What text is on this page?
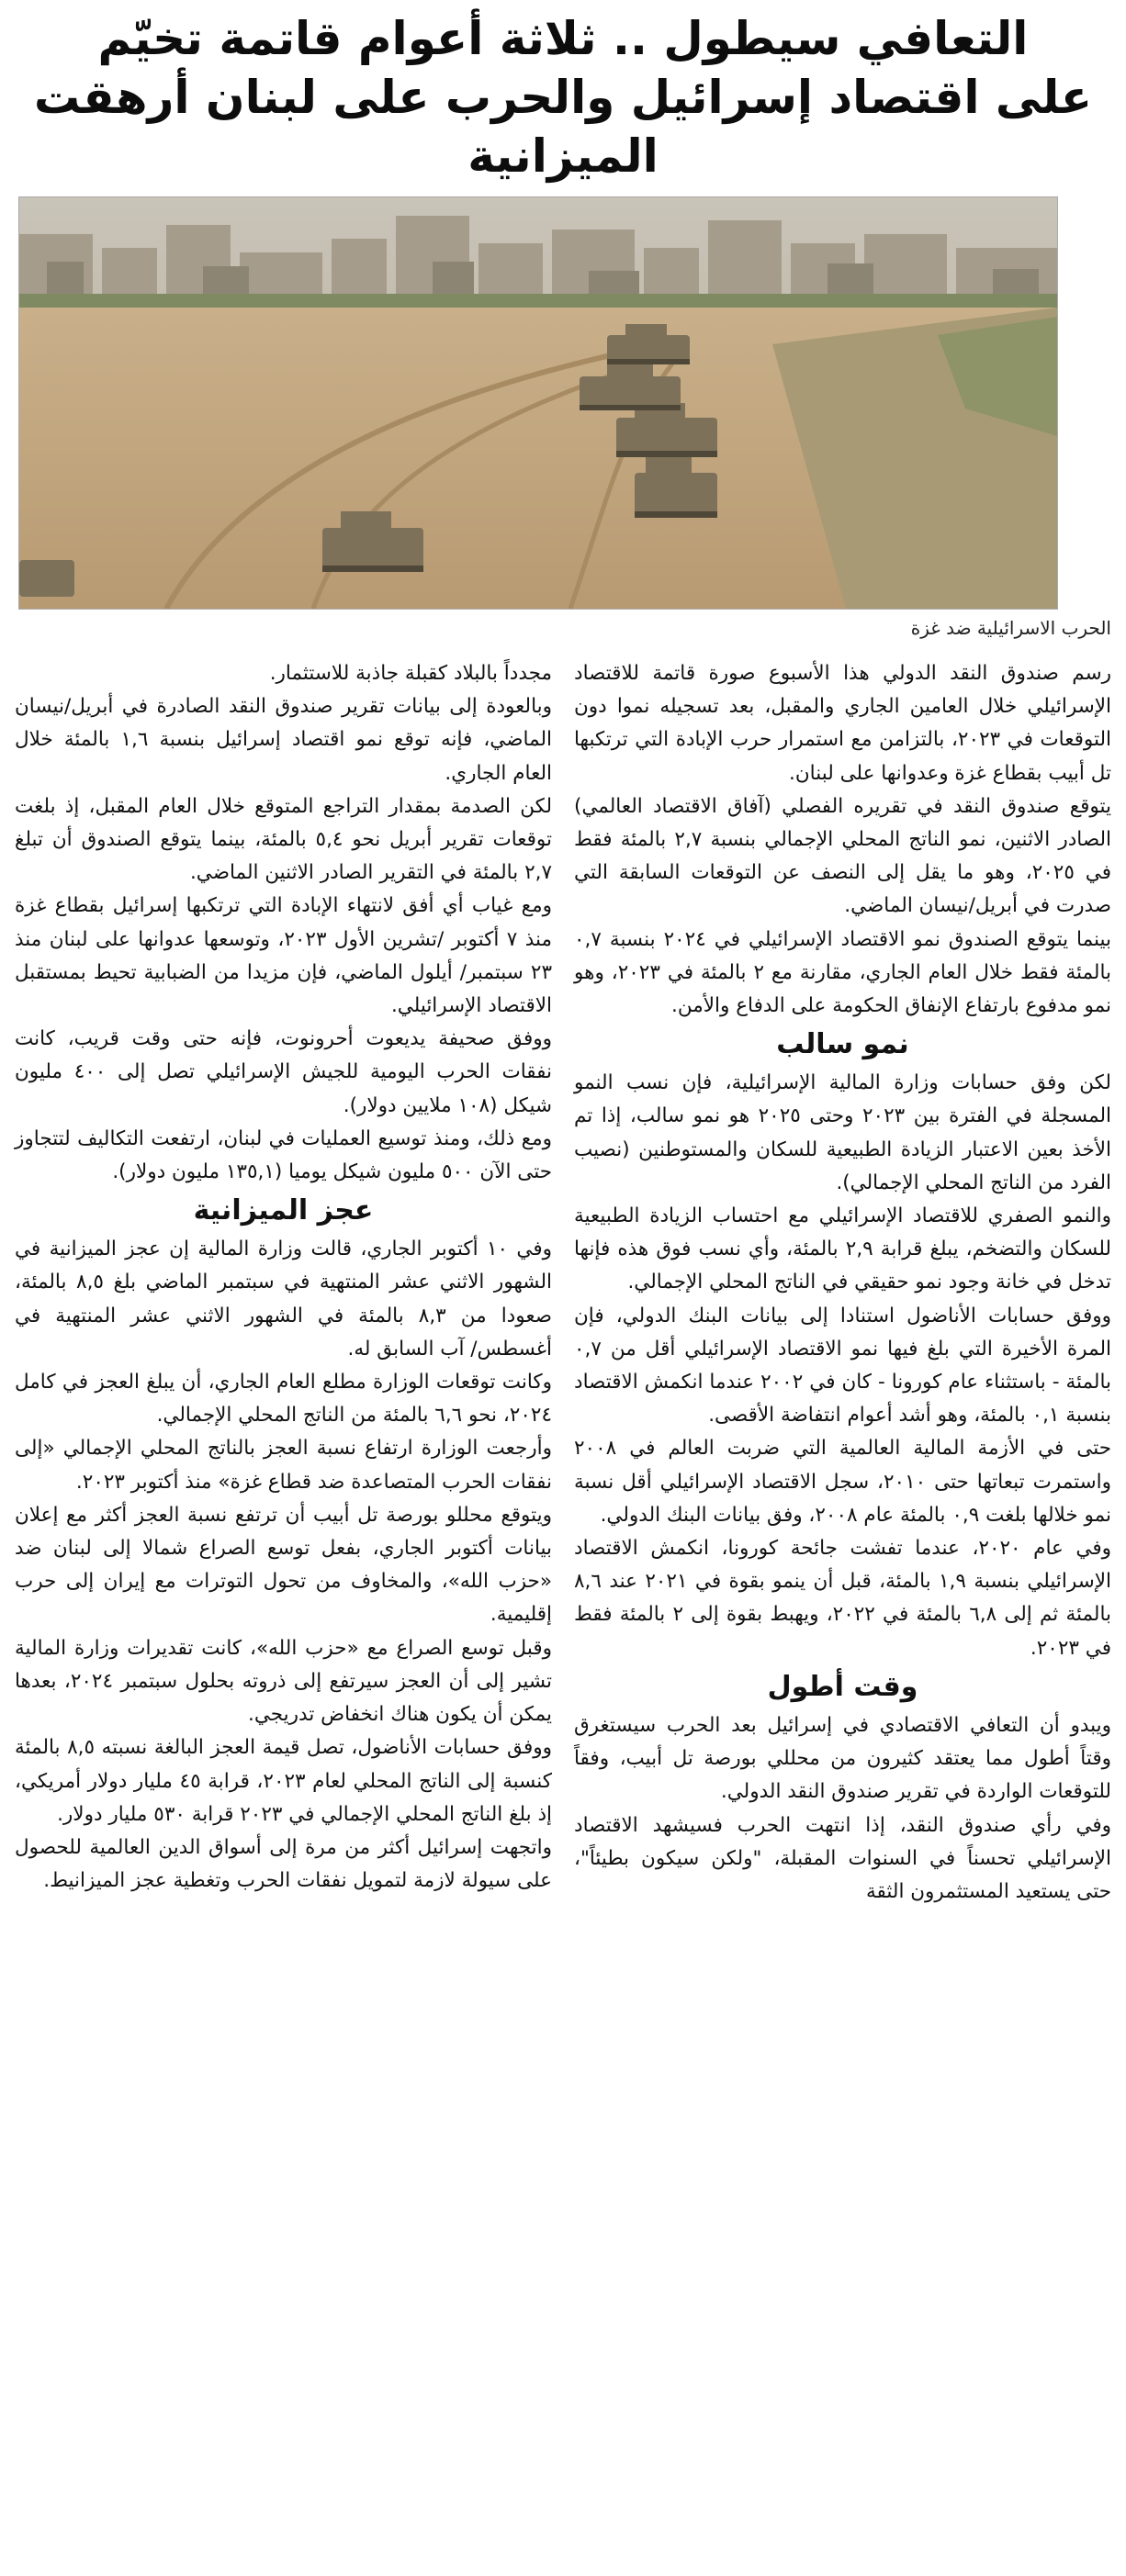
التعافي سيطول .. ثلاثة أعوام قاتمة تخيّم
على اقتصاد إسرائيل والحرب على لبنان أرهقت الميزانية
الحرب الاسرائيلية ضد غزة

رسم صندوق النقد الدولي هذا الأسبوع صورة قاتمة للاقتصاد الإسرائيلي خلال العامين الجاري والمقبل، بعد تسجيله نموا دون التوقعات في ٢٠٢٣، بالتزامن مع استمرار حرب الإبادة التي ترتكبها تل أبيب بقطاع غزة وعدوانها على لبنان.

يتوقع صندوق النقد في تقريره الفصلي (آفاق الاقتصاد العالمي) الصادر الاثنين، نمو الناتج المحلي الإجمالي بنسبة ٢,٧ بالمئة فقط في ٢٠٢٥، وهو ما يقل إلى النصف عن التوقعات السابقة التي صدرت في أبريل/نيسان الماضي.

بينما يتوقع الصندوق نمو الاقتصاد الإسرائيلي في ٢٠٢٤ بنسبة ٠,٧ بالمئة فقط خلال العام الجاري، مقارنة مع ٢ بالمئة في ٢٠٢٣، وهو نمو مدفوع بارتفاع الإنفاق الحكومة على الدفاع والأمن.

نمو سالب

لكن وفق حسابات وزارة المالية الإسرائيلية، فإن نسب النمو المسجلة في الفترة بين ٢٠٢٣ وحتى ٢٠٢٥ هو نمو سالب، إذا تم الأخذ بعين الاعتبار الزيادة الطبيعية للسكان والمستوطنين (نصيب الفرد من الناتج المحلي الإجمالي).

والنمو الصفري للاقتصاد الإسرائيلي مع احتساب الزيادة الطبيعية للسكان والتضخم، يبلغ قرابة ٢,٩ بالمئة، وأي نسب فوق هذه فإنها تدخل في خانة وجود نمو حقيقي في الناتج المحلي الإجمالي.

ووفق حسابات الأناضول استنادا إلى بيانات البنك الدولي، فإن المرة الأخيرة التي بلغ فيها نمو الاقتصاد الإسرائيلي أقل من ٠,٧ بالمئة - باستثناء عام كورونا - كان في ٢٠٠٢ عندما انكمش الاقتصاد بنسبة ٠,١ بالمئة، وهو أشد أعوام انتفاضة الأقصى.

حتى في الأزمة المالية العالمية التي ضربت العالم في ٢٠٠٨ واستمرت تبعاتها حتى ٢٠١٠، سجل الاقتصاد الإسرائيلي أقل نسبة نمو خلالها بلغت ٠,٩ بالمئة عام ٢٠٠٨، وفق بيانات البنك الدولي.

وفي عام ٢٠٢٠، عندما تفشت جائحة كورونا، انكمش الاقتصاد الإسرائيلي بنسبة ١,٩ بالمئة، قبل أن ينمو بقوة في ٢٠٢١ عند ٨,٦ بالمئة ثم إلى ٦,٨ بالمئة في ٢٠٢٢، ويهبط بقوة إلى ٢ بالمئة فقط في ٢٠٢٣.

وقت أطول

ويبدو أن التعافي الاقتصادي في إسرائيل بعد الحرب سيستغرق وقتاً أطول مما يعتقد كثيرون من محللي بورصة تل أبيب، وفقاً للتوقعات الواردة في تقرير صندوق النقد الدولي.

وفي رأي صندوق النقد، إذا انتهت الحرب فسيشهد الاقتصاد الإسرائيلي تحسناً في السنوات المقبلة، "ولكن سيكون بطيئاً"، حتى يستعيد المستثمرون الثقة

مجدداً بالبلاد كقبلة جاذبة للاستثمار.

وبالعودة إلى بيانات تقرير صندوق النقد الصادرة في أبريل/نيسان الماضي، فإنه توقع نمو اقتصاد إسرائيل بنسبة ١,٦ بالمئة خلال العام الجاري.

لكن الصدمة بمقدار التراجع المتوقع خلال العام المقبل، إذ بلغت توقعات تقرير أبريل نحو ٥,٤ بالمئة، بينما يتوقع الصندوق أن تبلغ ٢,٧ بالمئة في التقرير الصادر الاثنين الماضي.

ومع غياب أي أفق لانتهاء الإبادة التي ترتكبها إسرائيل بقطاع غزة منذ ٧ أكتوبر /تشرين الأول ٢٠٢٣، وتوسعها عدوانها على لبنان منذ ٢٣ سبتمبر/ أيلول الماضي، فإن مزيدا من الضبابية تحيط بمستقبل الاقتصاد الإسرائيلي.

ووفق صحيفة يديعوت أحرونوت، فإنه حتى وقت قريب، كانت نفقات الحرب اليومية للجيش الإسرائيلي تصل إلى ٤٠٠ مليون شيكل (١٠٨ ملايين دولار).

ومع ذلك، ومنذ توسيع العمليات في لبنان، ارتفعت التكاليف لتتجاوز حتى الآن ٥٠٠ مليون شيكل يوميا (١٣٥,١ مليون دولار).

عجز الميزانية

وفي ١٠ أكتوبر الجاري، قالت وزارة المالية إن عجز الميزانية في الشهور الاثني عشر المنتهية في سبتمبر الماضي بلغ ٨,٥ بالمئة، صعودا من ٨,٣ بالمئة في الشهور الاثني عشر المنتهية في أغسطس/ آب السابق له.

وكانت توقعات الوزارة مطلع العام الجاري، أن يبلغ العجز في كامل ٢٠٢٤، نحو ٦,٦ بالمئة من الناتج المحلي الإجمالي.

وأرجعت الوزارة ارتفاع نسبة العجز بالناتج المحلي الإجمالي «إلى نفقات الحرب المتصاعدة ضد قطاع غزة» منذ أكتوبر ٢٠٢٣.

ويتوقع محللو بورصة تل أبيب أن ترتفع نسبة العجز أكثر مع إعلان بيانات أكتوبر الجاري، بفعل توسع الصراع شمالا إلى لبنان ضد «حزب الله»، والمخاوف من تحول التوترات مع إيران إلى حرب إقليمية.

وقبل توسع الصراع مع «حزب الله»، كانت تقديرات وزارة المالية تشير إلى أن العجز سيرتفع إلى ذروته بحلول سبتمبر ٢٠٢٤، بعدها يمكن أن يكون هناك انخفاض تدريجي.

ووفق حسابات الأناضول، تصل قيمة العجز البالغة نسبته ٨,٥ بالمئة كنسبة إلى الناتج المحلي لعام ٢٠٢٣، قرابة ٤٥ مليار دولار أمريكي، إذ بلغ الناتج المحلي الإجمالي في ٢٠٢٣ قرابة ٥٣٠ مليار دولار.

واتجهت إسرائيل أكثر من مرة إلى أسواق الدين العالمية للحصول على سيولة لازمة لتمويل نفقات الحرب وتغطية عجز الميزانيط.
